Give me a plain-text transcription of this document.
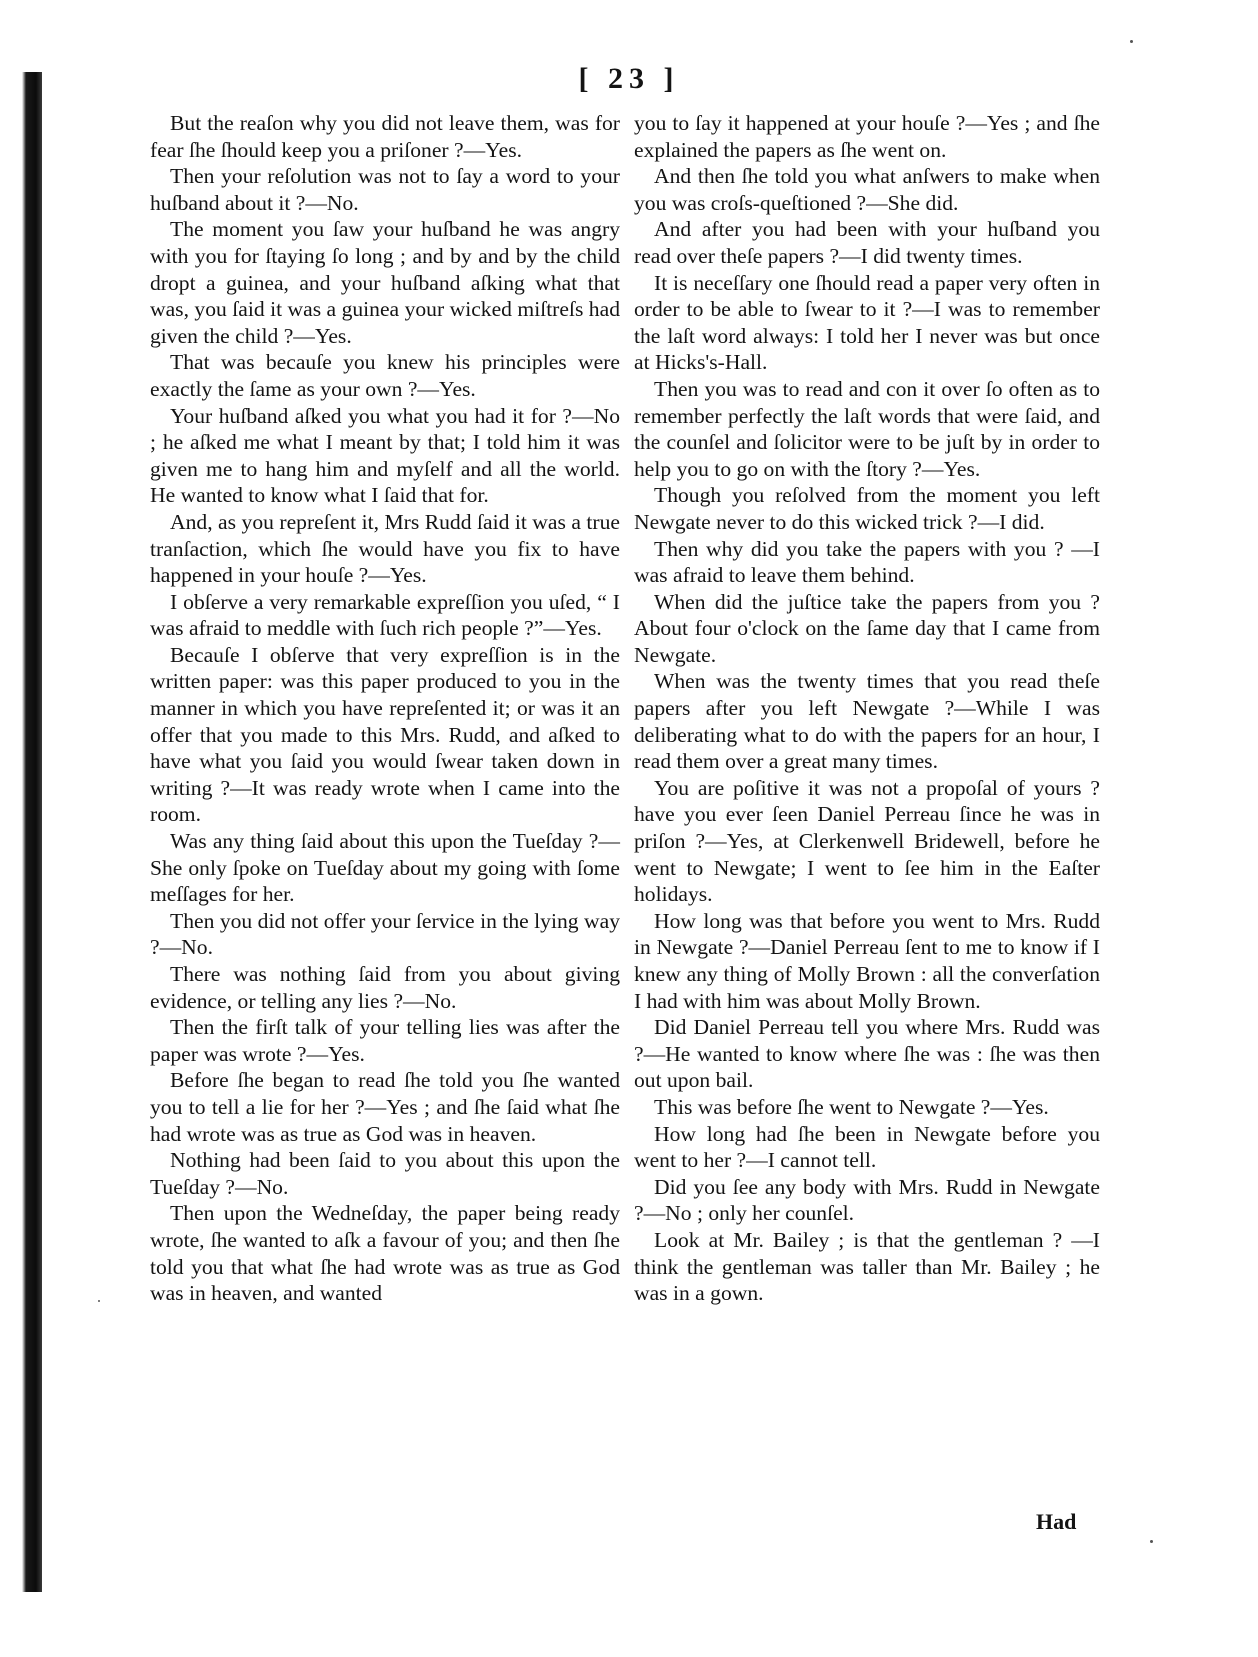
[ 23 ]

But the reaſon why you did not leave them, was for fear ſhe ſhould keep you a priſoner ?—Yes.

Then your reſolution was not to ſay a word to your huſband about it ?—No.

The moment you ſaw your huſband he was angry with you for ſtaying ſo long ; and by and by the child dropt a guinea, and your huſband aſking what that was, you ſaid it was a guinea your wicked miſtreſs had given the child ?—Yes.

That was becauſe you knew his principles were exactly the ſame as your own ?—Yes.

Your huſband aſked you what you had it for ?—No ; he aſked me what I meant by that; I told him it was given me to hang him and myſelf and all the world. He wanted to know what I ſaid that for.

And, as you repreſent it, Mrs Rudd ſaid it was a true tranſaction, which ſhe would have you fix to have happened in your houſe ?—Yes.

I obſerve a very remarkable expreſſion you uſed, “ I was afraid to meddle with ſuch rich people ?”—Yes.

Becauſe I obſerve that very expreſſion is in the written paper: was this paper produced to you in the manner in which you have repreſented it; or was it an offer that you made to this Mrs. Rudd, and aſked to have what you ſaid you would ſwear taken down in writing ?—It was ready wrote when I came into the room.

Was any thing ſaid about this upon the Tueſday ?—She only ſpoke on Tueſday about my going with ſome meſſages for her.

Then you did not offer your ſervice in the lying way ?—No.

There was nothing ſaid from you about giving evidence, or telling any lies ?—No.

Then the firſt talk of your telling lies was after the paper was wrote ?—Yes.

Before ſhe began to read ſhe told you ſhe wanted you to tell a lie for her ?—Yes ; and ſhe ſaid what ſhe had wrote was as true as God was in heaven.

Nothing had been ſaid to you about this upon the Tueſday ?—No.

Then upon the Wedneſday, the paper being ready wrote, ſhe wanted to aſk a favour of you; and then ſhe told you that what ſhe had wrote was as true as God was in heaven, and wanted

you to ſay it happened at your houſe ?—Yes ; and ſhe explained the papers as ſhe went on.

And then ſhe told you what anſwers to make when you was croſs-queſtioned ?—She did.

And after you had been with your huſband you read over theſe papers ?—I did twenty times.

It is neceſſary one ſhould read a paper very often in order to be able to ſwear to it ?—I was to remember the laſt word always: I told her I never was but once at Hicks's-Hall.

Then you was to read and con it over ſo often as to remember perfectly the laſt words that were ſaid, and the counſel and ſolicitor were to be juſt by in order to help you to go on with the ſtory ?—Yes.

Though you reſolved from the moment you left Newgate never to do this wicked trick ?—I did.

Then why did you take the papers with you ? —I was afraid to leave them behind.

When did the juſtice take the papers from you ? About four o'clock on the ſame day that I came from Newgate.

When was the twenty times that you read theſe papers after you left Newgate ?—While I was deliberating what to do with the papers for an hour, I read them over a great many times.

You are poſitive it was not a propoſal of yours ? have you ever ſeen Daniel Perreau ſince he was in priſon ?—Yes, at Clerkenwell Bridewell, before he went to Newgate; I went to ſee him in the Eaſter holidays.

How long was that before you went to Mrs. Rudd in Newgate ?—Daniel Perreau ſent to me to know if I knew any thing of Molly Brown : all the converſation I had with him was about Molly Brown.

Did Daniel Perreau tell you where Mrs. Rudd was ?—He wanted to know where ſhe was : ſhe was then out upon bail.

This was before ſhe went to Newgate ?—Yes.

How long had ſhe been in Newgate before you went to her ?—I cannot tell.

Did you ſee any body with Mrs. Rudd in Newgate ?—No ; only her counſel.

Look at Mr. Bailey ; is that the gentleman ? —I think the gentleman was taller than Mr. Bailey ; he was in a gown.

Had
